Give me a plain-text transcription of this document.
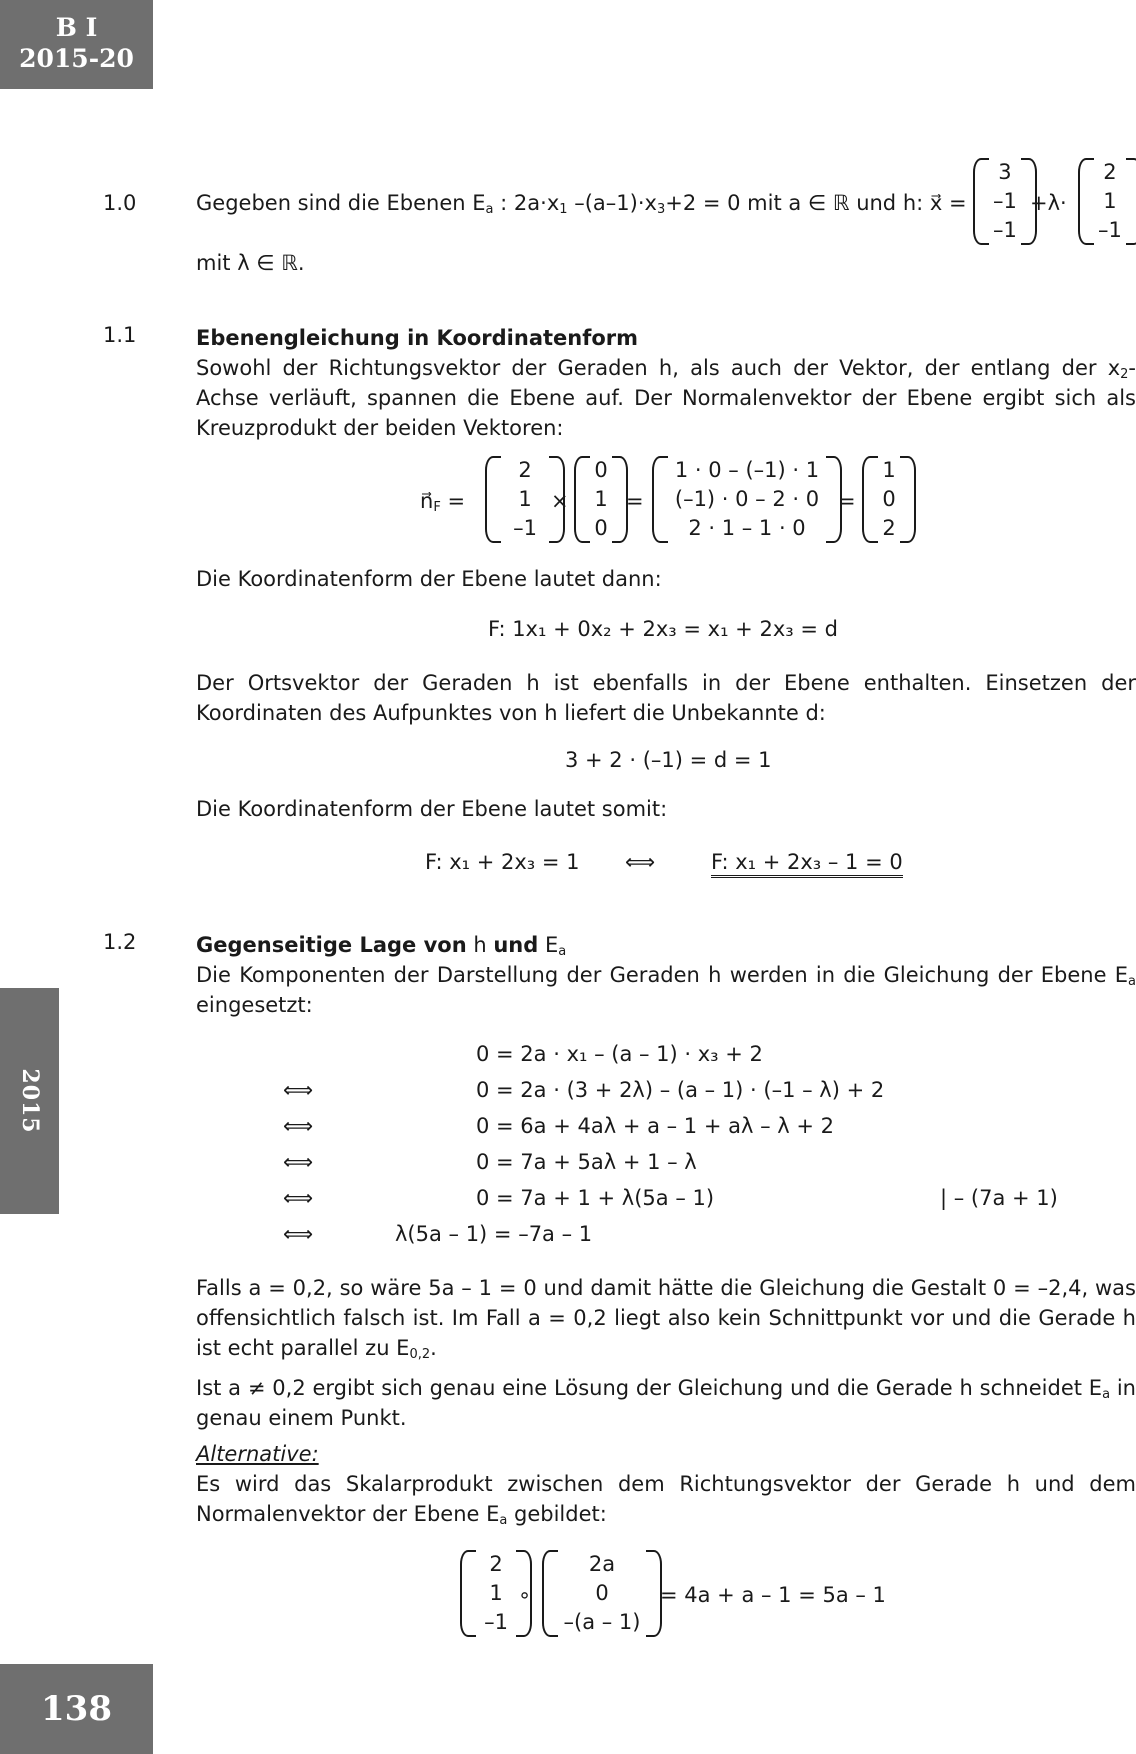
B I
2015-20
2015
138
1.0	Gegeben sind die Ebenen $E_a$ : $2a\cdot x_1$ $-(a-1)\cdot x_3+2 = 0$ mit a ∈ ℝ und h: x⃗ =
3
–1
–1
+λ·
2
1
–1
mit λ ∈ ℝ.
1.1	Ebenengleichung in Koordinatenform

Sowohl der Richtungsvektor der Geraden h, als auch der Vektor, der entlang der $x_2$-Achse verläuft, spannen die Ebene auf. Der Normalenvektor der Ebene ergibt sich als Kreuzprodukt der beiden Vektoren:

$n⃗_F$ =
2
1
–1
×
0
1
0
=
1 · 0 – (–1) · 1
(–1) · 0 – 2 · 0
2 · 1 – 1 · 0
=
1
0
2
Die Koordinatenform der Ebene lautet dann:
F: 1x₁ + 0x₂ + 2x₃ = x₁ + 2x₃ = d

Der Ortsvektor der Geraden h ist ebenfalls in der Ebene enthalten. Einsetzen der Koordinaten des Aufpunktes von h liefert die Unbekannte d:

3 + 2 · (–1) = d = 1
Die Koordinatenform der Ebene lautet somit:
F: x₁ + 2x₃ = 1 ⟺	F: x₁ + 2x₃ – 1 = 0
1.2	Gegenseitige Lage von h und $E_a$

Die Komponenten der Darstellung der Geraden h werden in die Gleichung der Ebene $E_a$ eingesetzt:

0 = 2a · x₁ – (a – 1) · x₃ + 2
⟺	0 = 2a · (3 + 2λ) – (a – 1) · (–1 – λ) + 2
⟺	0 = 6a + 4aλ + a – 1 + aλ – λ + 2
⟺	0 = 7a + 5aλ + 1 – λ
⟺	0 = 7a + 1 + λ(5a – 1)	| – (7a + 1)
⟺	λ(5a – 1) = –7a – 1

Falls a = 0,2, so wäre 5a – 1 = 0 und damit hätte die Gleichung die Gestalt 0 = –2,4, was offensichtlich falsch ist. Im Fall a = 0,2 liegt also kein Schnittpunkt vor und die Gerade h ist echt parallel zu $E_{0,2}$.

Ist a ≠ 0,2 ergibt sich genau eine Lösung der Gleichung und die Gerade h schneidet $E_a$ in genau einem Punkt.

Alternative:

Es wird das Skalarprodukt zwischen dem Richtungsvektor der Gerade h und dem Normalenvektor der Ebene $E_a$ gebildet:

2
1
–1
∘
2a
0
–(a – 1)
= 4a + a – 1 = 5a – 1
